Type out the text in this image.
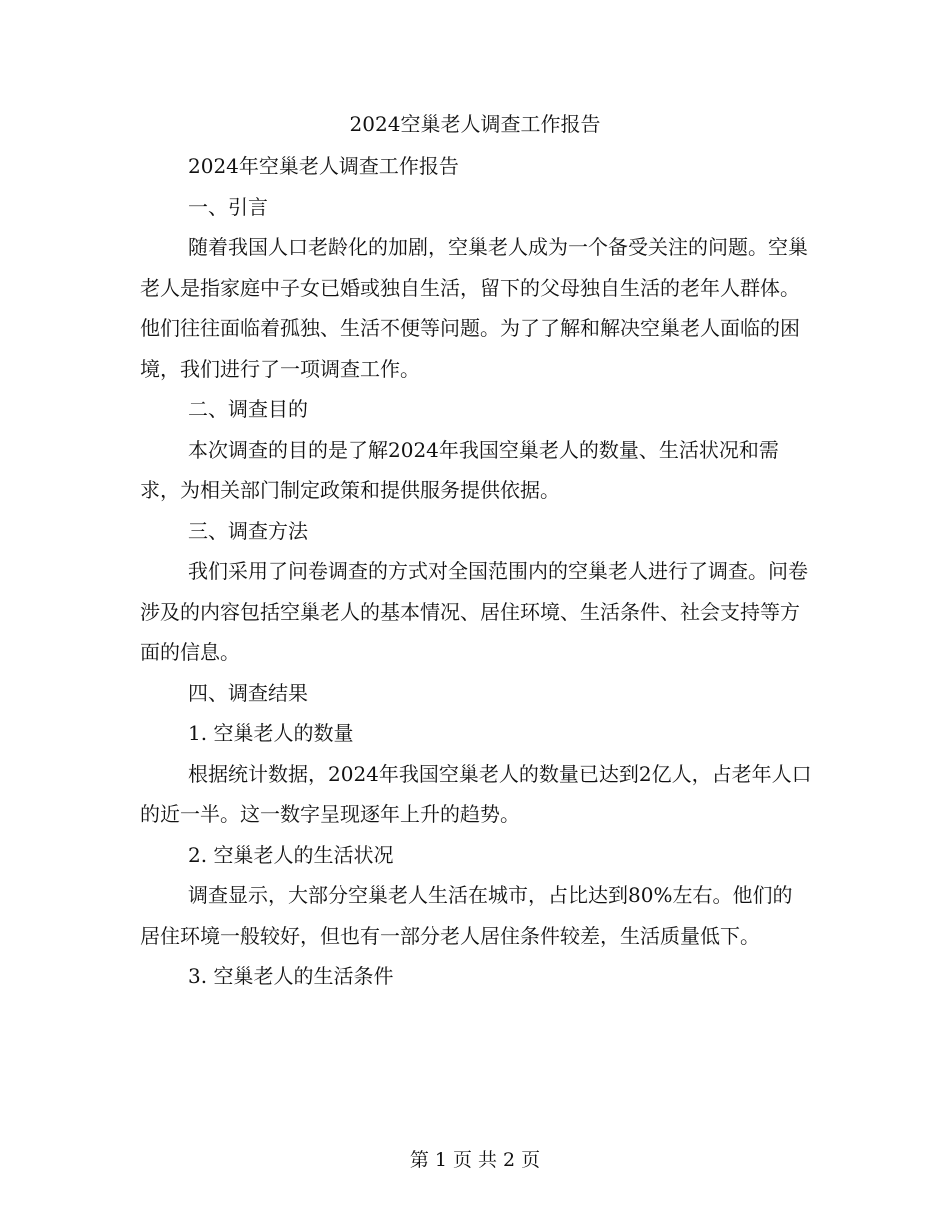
2024空巢老人调查工作报告

2024年空巢老人调查工作报告

一、引言

随着我国人口老龄化的加剧，空巢老人成为一个备受关注的问题。空巢老人是指家庭中子女已婚或独自生活，留下的父母独自生活的老年人群体。他们往往面临着孤独、生活不便等问题。为了了解和解决空巢老人面临的困境，我们进行了一项调查工作。

二、调查目的

本次调查的目的是了解2024年我国空巢老人的数量、生活状况和需求，为相关部门制定政策和提供服务提供依据。

三、调查方法

我们采用了问卷调查的方式对全国范围内的空巢老人进行了调查。问卷涉及的内容包括空巢老人的基本情况、居住环境、生活条件、社会支持等方面的信息。

四、调查结果

1. 空巢老人的数量

根据统计数据，2024年我国空巢老人的数量已达到2亿人，占老年人口的近一半。这一数字呈现逐年上升的趋势。

2. 空巢老人的生活状况

调查显示，大部分空巢老人生活在城市，占比达到80%左右。他们的居住环境一般较好，但也有一部分老人居住条件较差，生活质量低下。

3. 空巢老人的生活条件

第 1 页 共 2 页
